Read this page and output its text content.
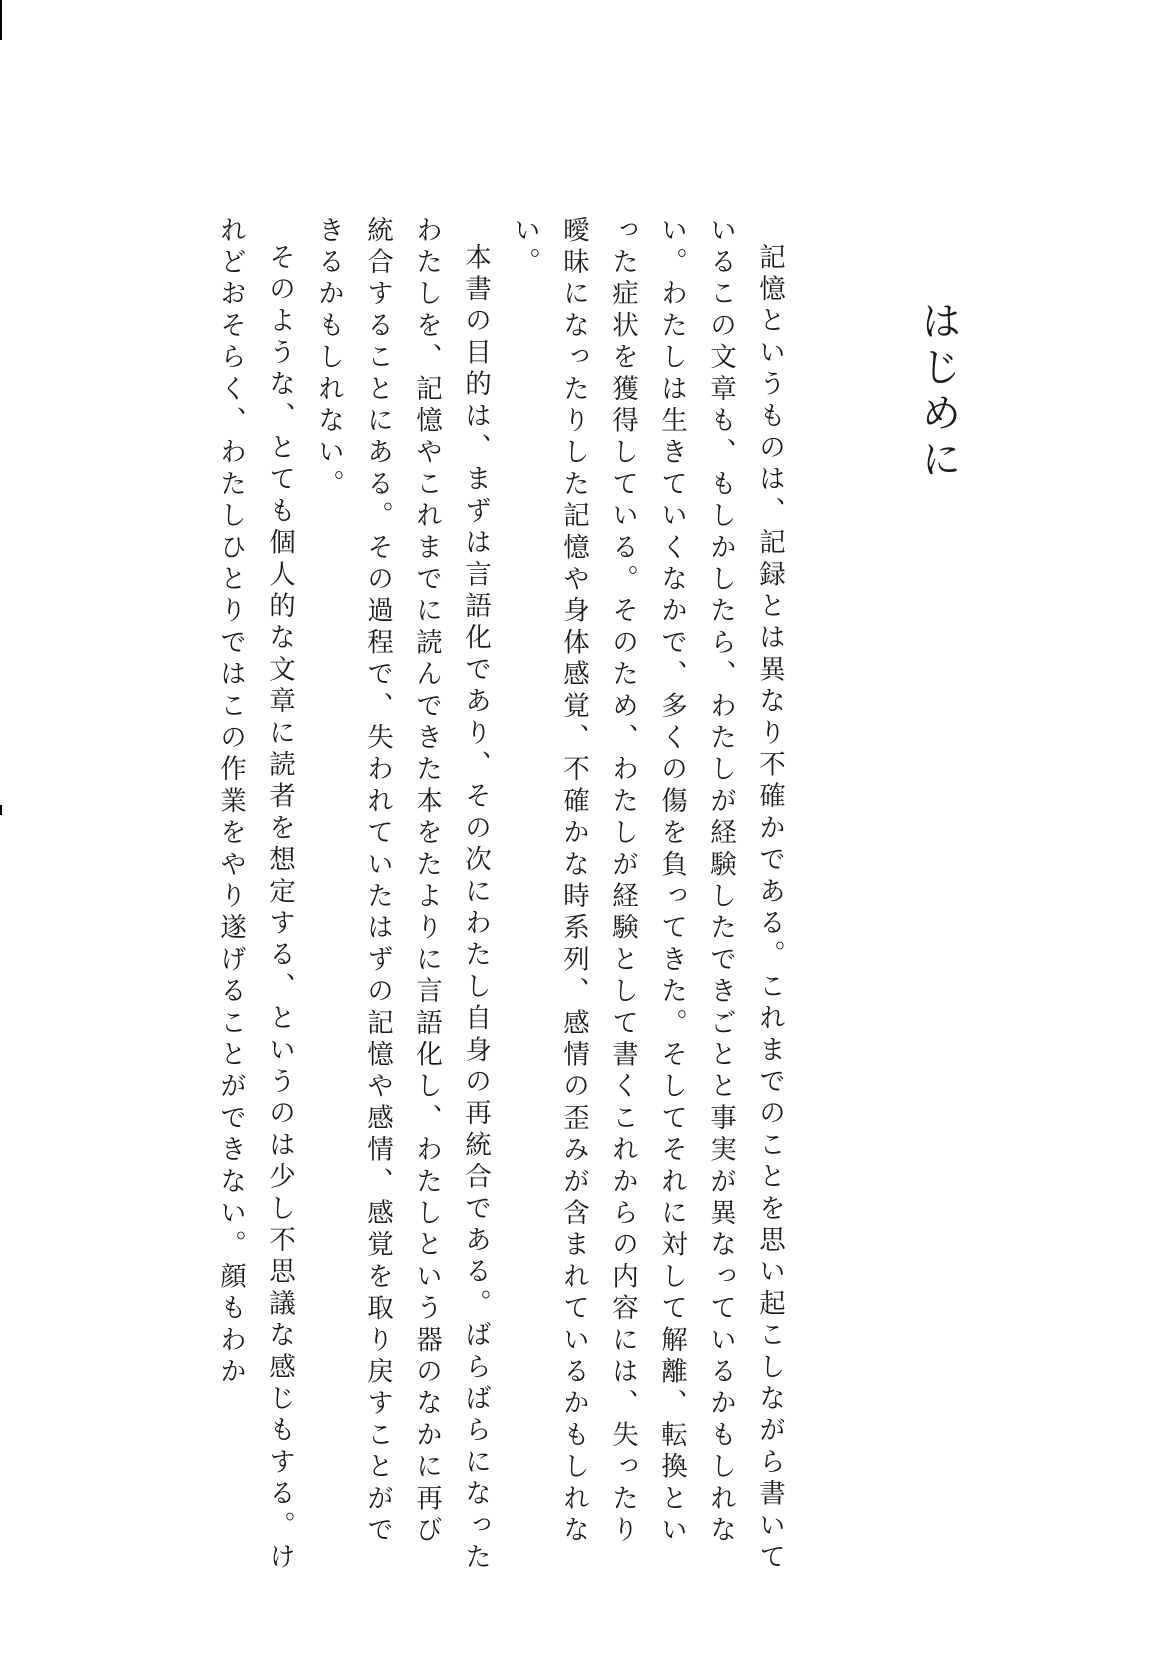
はじめに

記憶というものは、記録とは異なり不確かである。これまでのことを思い起こしながら書いているこの文章も、もしかしたら、わたしが経験したできごとと事実が異なっているかもしれない。わたしは生きていくなかで、多くの傷を負ってきた。そしてそれに対して解離、転換といった症状を獲得している。そのため、わたしが経験として書くこれからの内容には、失ったり曖昧になったりした記憶や身体感覚、不確かな時系列、感情の歪みが含まれているかもしれない。

本書の目的は、まずは言語化であり、その次にわたし自身の再統合である。ばらばらになったわたしを、記憶やこれまでに読んできた本をたよりに言語化し、わたしという器のなかに再び統合することにある。その過程で、失われていたはずの記憶や感情、感覚を取り戻すことができるかもしれない。

そのような、とても個人的な文章に読者を想定する、というのは少し不思議な感じもする。けれどおそらく、わたしひとりではこの作業をやり遂げることができない。顔もわか
